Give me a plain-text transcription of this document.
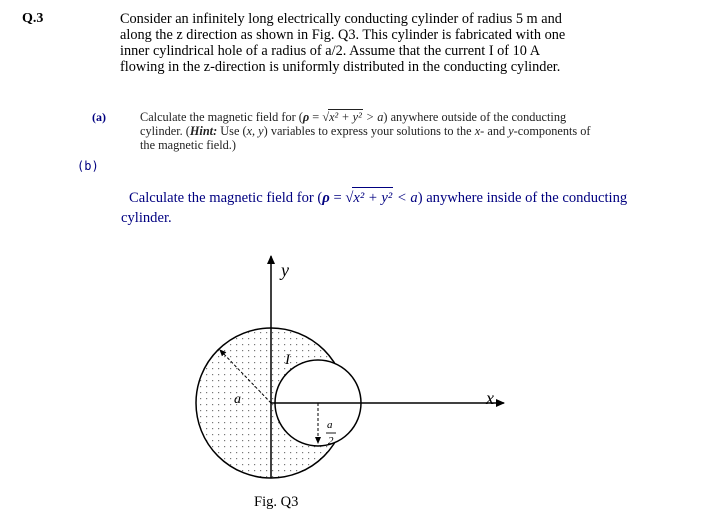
Q.3	Consider an infinitely long electrically conducting cylinder of radius 5 m and
along the z direction as shown in Fig. Q3. This cylinder is fabricated with one
inner cylindrical hole of a radius of a/2. Assume that the current I of 10 A
flowing in the z-direction is uniformly distributed in the conducting cylinder.
(a)	Calculate the magnetic field for (ρ = √x² + y² > a) anywhere outside of the conducting
cylinder. (Hint: Use (x, y) variables to express your solutions to the x- and y-components of
the magnetic field.)
(b)
Calculate the magnetic field for (ρ = √x² + y² < a) anywhere inside of the conducting
cylinder.
y
x
I
a
a
2
Fig. Q3
